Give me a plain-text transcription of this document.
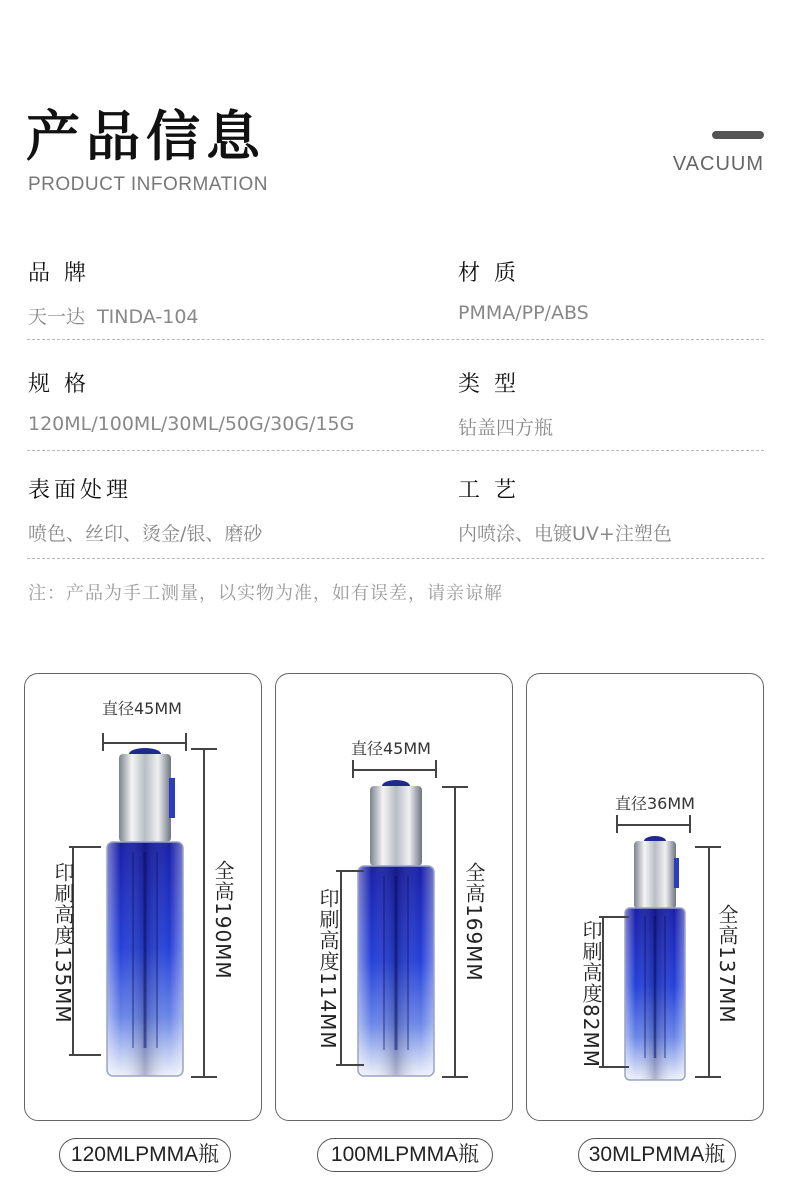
产品信息
PRODUCT INFORMATION
VACUUM
品  牌
天一达  TINDA-104
材  质
PMMA/PP/ABS
规  格
120ML/100ML/30ML/50G/30G/15G
类  型
钻盖四方瓶
表面处理
喷色、丝印、烫金/银、磨砂
工  艺
内喷涂、电镀UV+注塑色
注：产品为手工测量，以实物为准，如有误差，请亲谅解
直径45MM
全高190MM
印刷高度135MM
直径45MM
全高169MM
印刷高度114MM
直径36MM
全高137MM
印刷高度82MM
120MLPMMA瓶	100MLPMMA瓶	30MLPMMA瓶
